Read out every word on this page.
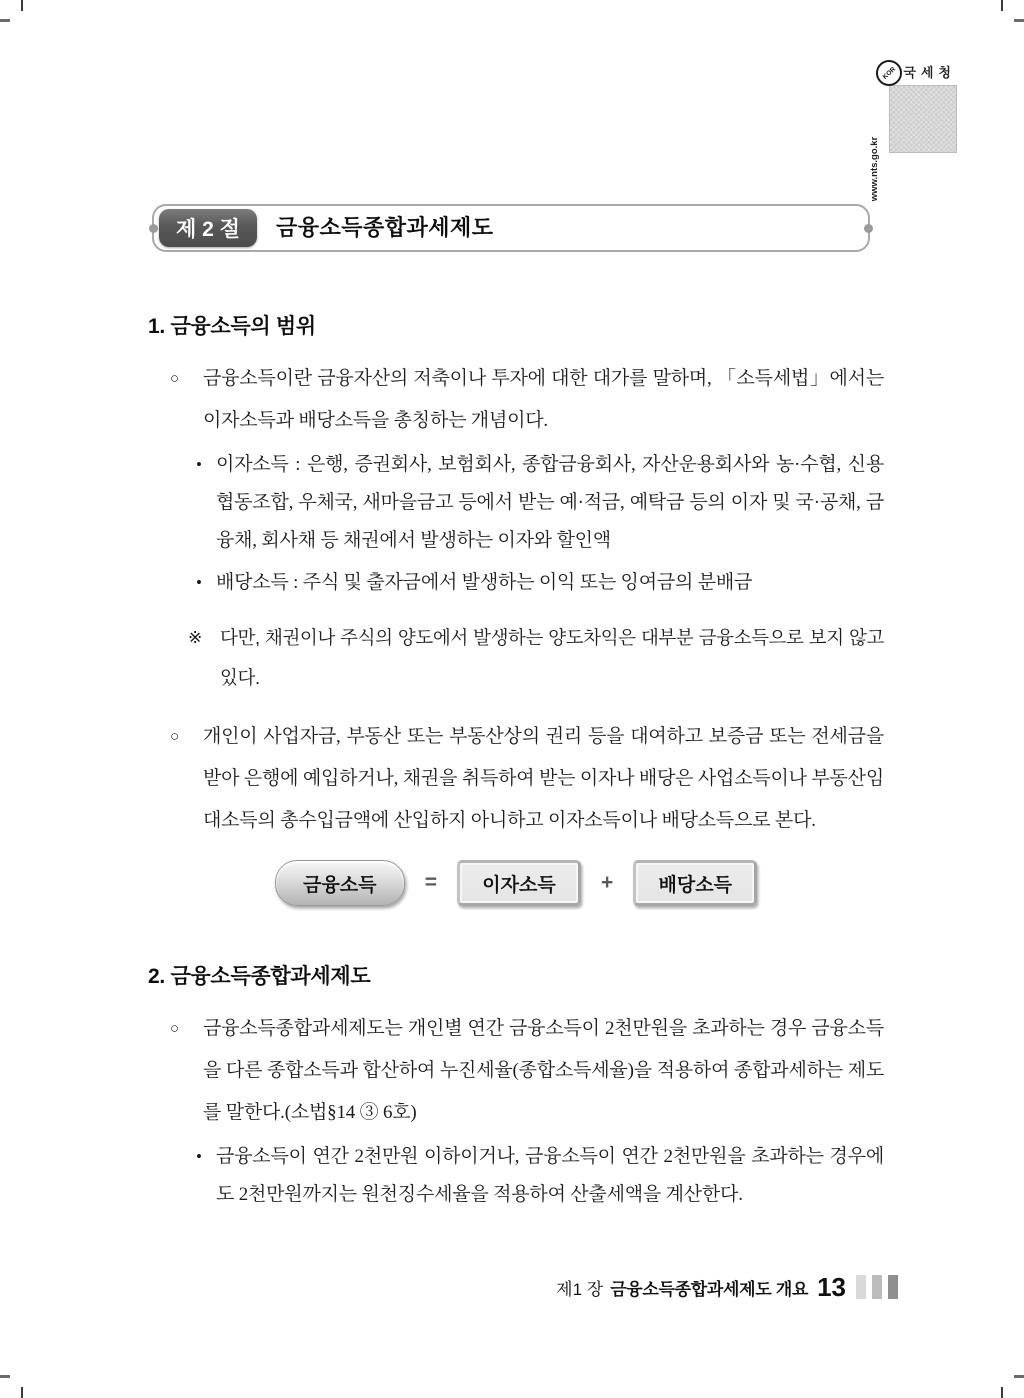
KOR 국세청
www.nts.go.kr
제 2 절	금융소득종합과세제도
1. 금융소득의 범위
○	금융소득이란 금융자산의 저축이나 투자에 대한 대가를 말하며, 「소득세법」에서는 이자소득과 배당소득을 총칭하는 개념이다.
• 이자소득 : 은행, 증권회사, 보험회사, 종합금융회사, 자산운용회사와 농·수협, 신용협동조합, 우체국, 새마을금고 등에서 받는 예·적금, 예탁금 등의 이자 및 국·공채, 금융채, 회사채 등 채권에서 발생하는 이자와 할인액
• 배당소득 : 주식 및 출자금에서 발생하는 이익 또는 잉여금의 분배금
※ 다만, 채권이나 주식의 양도에서 발생하는 양도차익은 대부분 금융소득으로 보지 않고 있다.
○	개인이 사업자금, 부동산 또는 부동산상의 권리 등을 대여하고 보증금 또는 전세금을 받아 은행에 예입하거나, 채권을 취득하여 받는 이자나 배당은 사업소득이나 부동산임대소득의 총수입금액에 산입하지 아니하고 이자소득이나 배당소득으로 본다.
금융소득	=	이자소득	+	배당소득
2. 금융소득종합과세제도
○	금융소득종합과세제도는 개인별 연간 금융소득이 2천만원을 초과하는 경우 금융소득을 다른 종합소득과 합산하여 누진세율(종합소득세율)을 적용하여 종합과세하는 제도를 말한다.(소법§14 ③ 6호)
• 금융소득이 연간 2천만원 이하이거나, 금융소득이 연간 2천만원을 초과하는 경우에도 2천만원까지는 원천징수세율을 적용하여 산출세액을 계산한다.
제1 장 금융소득종합과세제도 개요 13
